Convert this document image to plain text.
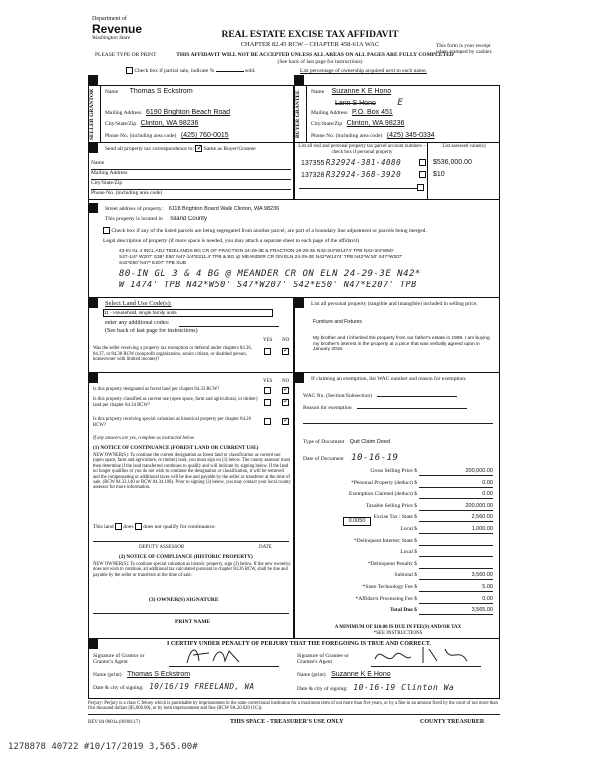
Department of
Revenue
Washington State	REAL ESTATE EXCISE TAX AFFIDAVIT
CHAPTER 82.45 RCW – CHAPTER 458-61A WAC
PLEASE TYPE OR PRINT	THIS AFFIDAVIT WILL NOT BE ACCEPTED UNLESS ALL AREAS ON ALL PAGES ARE FULLY COMPLETED
(See back of last page for instructions)
This form is your receipt
when stamped by cashier.
Check box if partial sale, indicate %	sold.	List percentage of ownership acquired next to each name.
SELLER GRANTOR Name Thomas S Eckstrom
Mailing Address 6190 Brighton Beach Road
City/State/Zip Clinton, WA 98236
Phone No. (including area code) (425) 760-0015	BUYER GRANTEE Name Suzanne K E Hono
Larin S Hono E
Mailing Address P.O. Box 451
City/State/Zip Clinton, WA 98236
Phone No. (including area code) (425) 345-0334
Send all property tax correspondence to: ✓ Same as Buyer/Grantee
Name
Mailing Address
City/State/Zip
Phone No. (including area code)
List all real and personal property tax parcel account numbers – check box if personal property
List assessed value(s)
137355 R32924-381-4080	$536,000.00
137328 R32924-368-3920	$10
Street address of property: 6118 Brighton Board Walk Clinton, WA 98236
This property is located in Island County
Check box if any of the listed parcels are being segregated from another parcel, are part of a boundary line adjustment or parcels being merged.
Legal description of property (if more space is needed, you may attach a separate sheet to each page of the affidavit)
43-IN GL 4 INCL ADJ TIDELANDS BG CR OF FRACTION 24-29-3E & FRACTION 19-29-4E N42-3/4*W1474' TPB N42-3/4*W50'
S47-1/4* W207' S38* E50' N47-1/4*E211.4' TPB & BG @ MEANDER CR ON ELN 24-29-3E N42*W1474' TPB N42*W 50' S47*W207'
S42*E50' N47* E207' TPB SUB
80-IN GL 3 & 4 BG @ MEANDER CR ON ELN 24-29-3E N42*
W 1474' TPB N42*W50' S47*W207' S42*E50' N47*E207' TPB
Select Land Use Code(s):
11 - Household, single family units
enter any additional codes:
(See back of last page for instructions)
YES NO
Was the seller receiving a property tax exemption or deferral under chapters 84.36, 84.37, or 84.38 RCW (nonprofit organization, senior citizen, or disabled person, homeowner with limited income)?
✓
List all personal property (tangible and intangible) included in selling price.
Furniture and Fixtures
My brother and I inherited the property from our father's estate in 1989. I am buying my brother's interest in the property at a price that was verbally agreed upon in January 2016.
YES NO
Is this property designated as forest land per chapter 84.33 RCW?	✓
Is this property classified as current use (open space, farm and agricultural, or timber) land per chapter 84.34 RCW?
✓
Is this property receiving special valuation as historical property per chapter 84.26 RCW?
✓
If any answers are yes, complete as instructed below.
(1) NOTICE OF CONTINUANCE (FOREST LAND OR CURRENT USE)
NEW OWNER(S): To continue the current designation as forest land or classification as current use (open space, farm and agriculture, or timber) land, you must sign on (3) below. The county assessor must then determine if the land transferred continues to qualify and will indicate by signing below. If the land no longer qualifies or you do not wish to continue the designation or classification, it will be removed and the compensating or additional taxes will be due and payable by the seller or transferor at the time of sale. (RCW 84.33.140 or RCW 84.34.108). Prior to signing (3) below, you may contact your local county assessor for more information.
This land does does not qualify for continuance.
DEPUTY ASSESSOR	DATE
(2) NOTICE OF COMPLIANCE (HISTORIC PROPERTY)
NEW OWNER(S): To continue special valuation as historic property, sign (3) below. If the new owner(s) does not wish to continue, all additional tax calculated pursuant to chapter 84.26 RCW, shall be due and payable by the seller or transferor at the time of sale.
(3) OWNER(S) SIGNATURE
PRINT NAME
If claiming an exemption, list WAC number and reason for exemption:
WAC No. (Section/Subsection)
Reason for exemption
Type of Document Quit Claim Deed
Date of Document 10-16-19
Gross Selling Price $	200,000.00
*Personal Property (deduct) $	0.00
Exemption Claimed (deduct) $	0.00
Taxable Selling Price $	200,000.00
Excise Tax : State $	2,560.00
Local $	1,000.00
*Delinquent Interest: State $
Local $
*Delinquent Penalty $
Subtotal $	3,560.00
*State Technology Fee $	5.00
*Affidavit Processing Fee $	0.00
Total Due $	3,565.00
0.0050
A MINIMUM OF $10.00 IS DUE IN FEE(S) AND/OR TAX
*SEE INSTRUCTIONS
I CERTIFY UNDER PENALTY OF PERJURY THAT THE FOREGOING IS TRUE AND CORRECT.
Signature of Grantor or Grantor's Agent
Name (print) Thomas S Eckstrom
Date & city of signing: 10/16/19 FREELAND, WA
Signature of Grantee or Grantee's Agent
Name (print) Suzanne K E Hono
Date & city of signing: 10-16-19 Clinton Wa
Perjury: Perjury is a class C felony which is punishable by imprisonment in the state correctional institution for a maximum term of not more than five years, or by a fine in an amount fixed by the court of not more than five thousand dollars ($5,000.00), or by both imprisonment and fine (RCW 9A.20.020 (1C)).
REV 84 0001a (09/06/17)	THIS SPACE - TREASURER'S USE ONLY	COUNTY TREASURER
1278878 40722 #10/17/2019 3,565.00#
